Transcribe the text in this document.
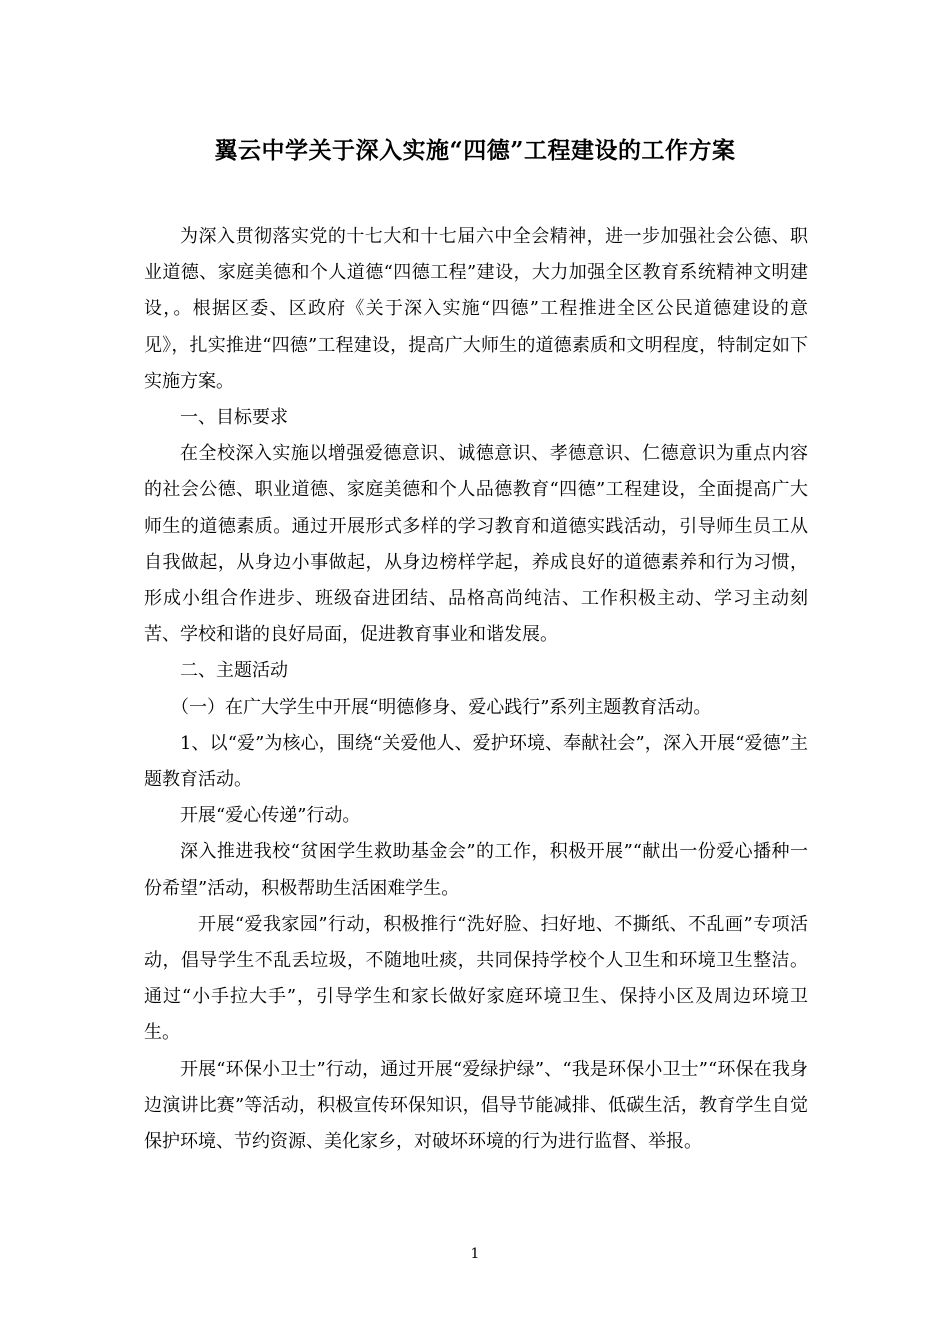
翼云中学关于深入实施“四德”工程建设的工作方案

为深入贯彻落实党的十七大和十七届六中全会精神，进一步加强社会公德、职业道德、家庭美德和个人道德“四德工程”建设，大力加强全区教育系统精神文明建设，。根据区委、区政府《关于深入实施“四德”工程推进全区公民道德建设的意见》，扎实推进“四德”工程建设，提高广大师生的道德素质和文明程度，特制定如下实施方案。

一、目标要求

在全校深入实施以增强爱德意识、诚德意识、孝德意识、仁德意识为重点内容的社会公德、职业道德、家庭美德和个人品德教育“四德”工程建设，全面提高广大师生的道德素质。通过开展形式多样的学习教育和道德实践活动，引导师生员工从自我做起，从身边小事做起，从身边榜样学起，养成良好的道德素养和行为习惯，形成小组合作进步、班级奋进团结、品格高尚纯洁、工作积极主动、学习主动刻苦、学校和谐的良好局面，促进教育事业和谐发展。

二、主题活动

（一）在广大学生中开展“明德修身、爱心践行”系列主题教育活动。

1、以“爱”为核心，围绕“关爱他人、爱护环境、奉献社会”，深入开展“爱德”主题教育活动。

开展“爱心传递”行动。

深入推进我校“贫困学生救助基金会”的工作，积极开展”“献出一份爱心播种一份希望”活动，积极帮助生活困难学生。

开展“爱我家园”行动，积极推行“洗好脸、扫好地、不撕纸、不乱画”专项活动，倡导学生不乱丢垃圾，不随地吐痰，共同保持学校个人卫生和环境卫生整洁。通过“小手拉大手”，引导学生和家长做好家庭环境卫生、保持小区及周边环境卫生。

开展“环保小卫士”行动，通过开展“爱绿护绿”、“我是环保小卫士”“环保在我身边演讲比赛”等活动，积极宣传环保知识，倡导节能减排、低碳生活，教育学生自觉保护环境、节约资源、美化家乡，对破坏环境的行为进行监督、举报。

1
